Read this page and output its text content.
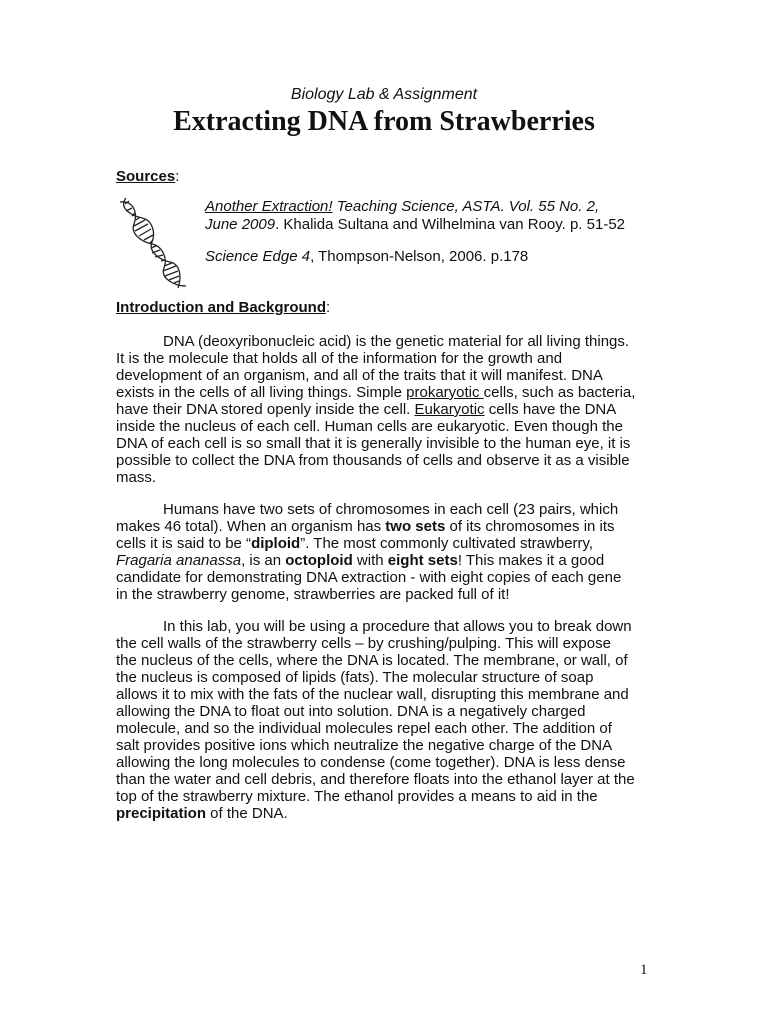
Biology Lab & Assignment
Extracting DNA from Strawberries
Sources:
Another Extraction! Teaching Science, ASTA. Vol. 55 No. 2,
June 2009. Khalida Sultana and Wilhelmina van Rooy. p. 51-52
Science Edge 4, Thompson-Nelson, 2006. p.178
Introduction and Background:
DNA (deoxyribonucleic acid) is the genetic material for all living things.
It is the molecule that holds all of the information for the growth and
development of an organism, and all of the traits that it will manifest. DNA
exists in the cells of all living things. Simple prokaryotic cells, such as bacteria,
have their DNA stored openly inside the cell. Eukaryotic cells have the DNA
inside the nucleus of each cell. Human cells are eukaryotic. Even though the
DNA of each cell is so small that it is generally invisible to the human eye, it is
possible to collect the DNA from thousands of cells and observe it as a visible
mass.
Humans have two sets of chromosomes in each cell (23 pairs, which
makes 46 total). When an organism has two sets of its chromosomes in its
cells it is said to be “diploid”. The most commonly cultivated strawberry,
Fragaria ananassa, is an octoploid with eight sets! This makes it a good
candidate for demonstrating DNA extraction - with eight copies of each gene
in the strawberry genome, strawberries are packed full of it!
In this lab, you will be using a procedure that allows you to break down
the cell walls of the strawberry cells – by crushing/pulping. This will expose
the nucleus of the cells, where the DNA is located. The membrane, or wall, of
the nucleus is composed of lipids (fats). The molecular structure of soap
allows it to mix with the fats of the nuclear wall, disrupting this membrane and
allowing the DNA to float out into solution. DNA is a negatively charged
molecule, and so the individual molecules repel each other. The addition of
salt provides positive ions which neutralize the negative charge of the DNA
allowing the long molecules to condense (come together). DNA is less dense
than the water and cell debris, and therefore floats into the ethanol layer at the
top of the strawberry mixture. The ethanol provides a means to aid in the
precipitation of the DNA.
1
